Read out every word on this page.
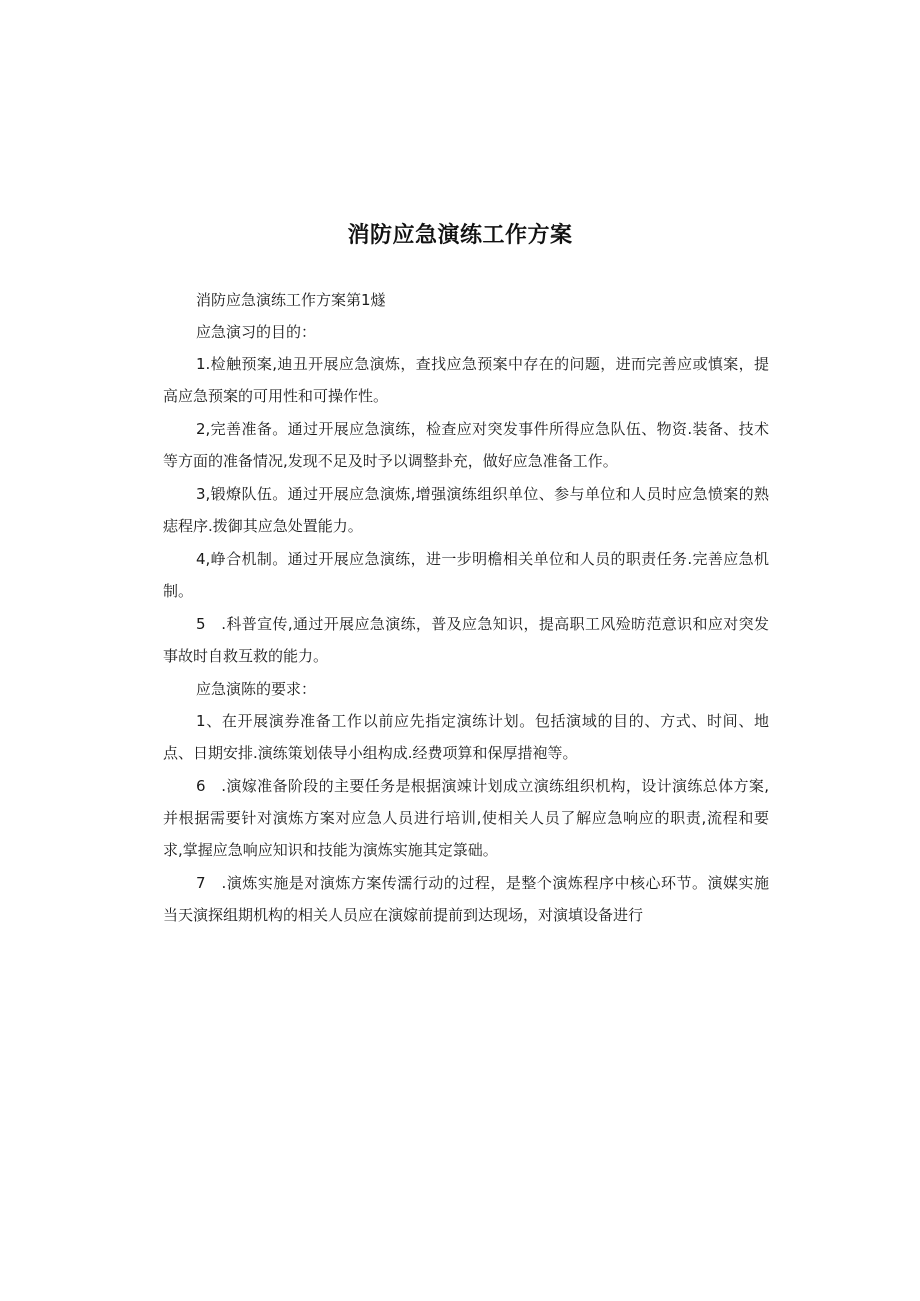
消防应急演练工作方案
消防应急演练工作方案第1燧
应急演习的目的：
1.检触预案,迪丑开展应急演炼，查找应急预案中存在的问题，进而完善应或慎案，提
高应急预案的可用性和可操作性。
2,完善准备。通过开展应急演练，检查应对突发事件所得应急队伍、物资.装备、技术
等方面的准备情况,发现不足及时予以调整卦充，做好应急准备工作。
3,锻燎队伍。通过开展应急演炼,增强演练组织单位、参与单位和人员时应急愤案的熟
痣程序.拨御其应急处置能力。
4,峥合机制。通过开展应急演练，进一步明檐相关单位和人员的职责任务.完善应急机
制。
5　.科普宣传,通过开展应急演练，普及应急知识，提高职工风殓昉范意识和应对突发
事故时自救互救的能力。
应急演陈的要求：
1、在开展演券准备工作以前应先指定演练计划。包括演域的目的、方式、时间、地
点、日期安排.演练策划俵导小组构成.经费项算和保厚措袍等。
6　.演嫁准备阶段的主要任务是根据演竦计划成立演练组织机构，设计演练总体方案,
并根据需要针对演炼方案对应急人员进行培训,使相关人员了解应急响应的职责,流程和要
求,掌握应急响应知识和技能为演炼实施其定箓础。
7　.演炼实施是对演炼方案传濡行动的过程，是整个演炼程序中核心环节。演媒实施
当天演探组期机构的相关人员应在演嫁前提前到达现场，对演填设备进行
